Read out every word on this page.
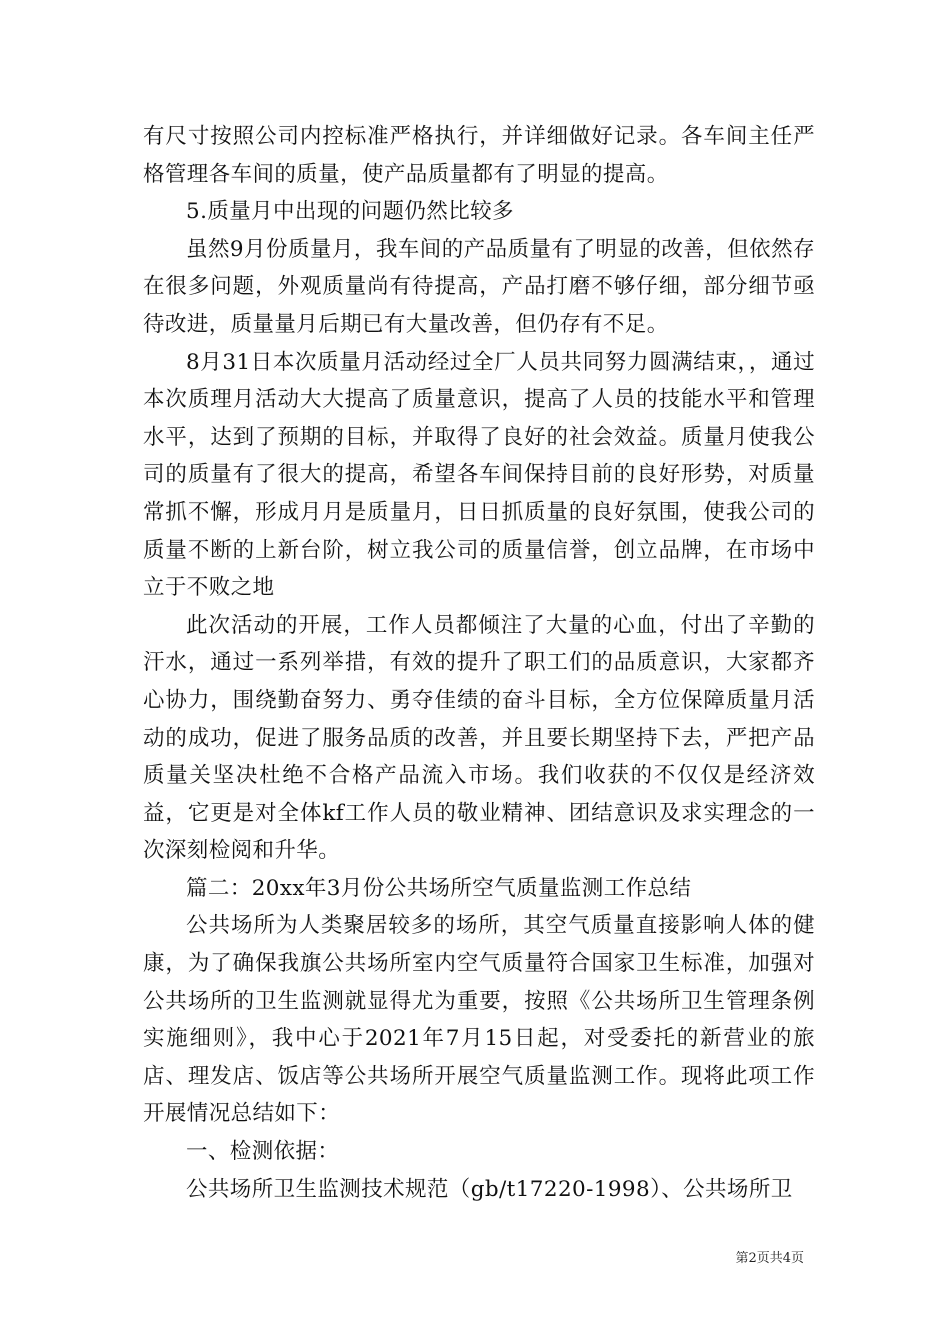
有尺寸按照公司内控标准严格执行，并详细做好记录。各车间主任严格管理各车间的质量，使产品质量都有了明显的提高。

5.质量月中出现的问题仍然比较多

虽然9月份质量月，我车间的产品质量有了明显的改善，但依然存在很多问题，外观质量尚有待提高，产品打磨不够仔细，部分细节亟待改进，质量量月后期已有大量改善，但仍存有不足。

8月31日本次质量月活动经过全厂人员共同努力圆满结束，，通过本次质理月活动大大提高了质量意识，提高了人员的技能水平和管理水平，达到了预期的目标，并取得了良好的社会效益。质量月使我公司的质量有了很大的提高，希望各车间保持目前的良好形势，对质量常抓不懈，形成月月是质量月，日日抓质量的良好氛围，使我公司的质量不断的上新台阶，树立我公司的质量信誉，创立品牌，在市场中立于不败之地

此次活动的开展，工作人员都倾注了大量的心血，付出了辛勤的汗水，通过一系列举措，有效的提升了职工们的品质意识，大家都齐心协力，围绕勤奋努力、勇夺佳绩的奋斗目标，全方位保障质量月活动的成功，促进了服务品质的改善，并且要长期坚持下去，严把产品质量关坚决杜绝不合格产品流入市场。我们收获的不仅仅是经济效益，它更是对全体kf工作人员的敬业精神、团结意识及求实理念的一次深刻检阅和升华。

篇二：20xx年3月份公共场所空气质量监测工作总结

公共场所为人类聚居较多的场所，其空气质量直接影响人体的健康，为了确保我旗公共场所室内空气质量符合国家卫生标准，加强对公共场所的卫生监测就显得尤为重要，按照《公共场所卫生管理条例实施细则》，我中心于2021年7月15日起，对受委托的新营业的旅店、理发店、饭店等公共场所开展空气质量监测工作。现将此项工作开展情况总结如下：

一、检测依据：

公共场所卫生监测技术规范（gb/t17220-1998）、公共场所卫

第2页共4页
